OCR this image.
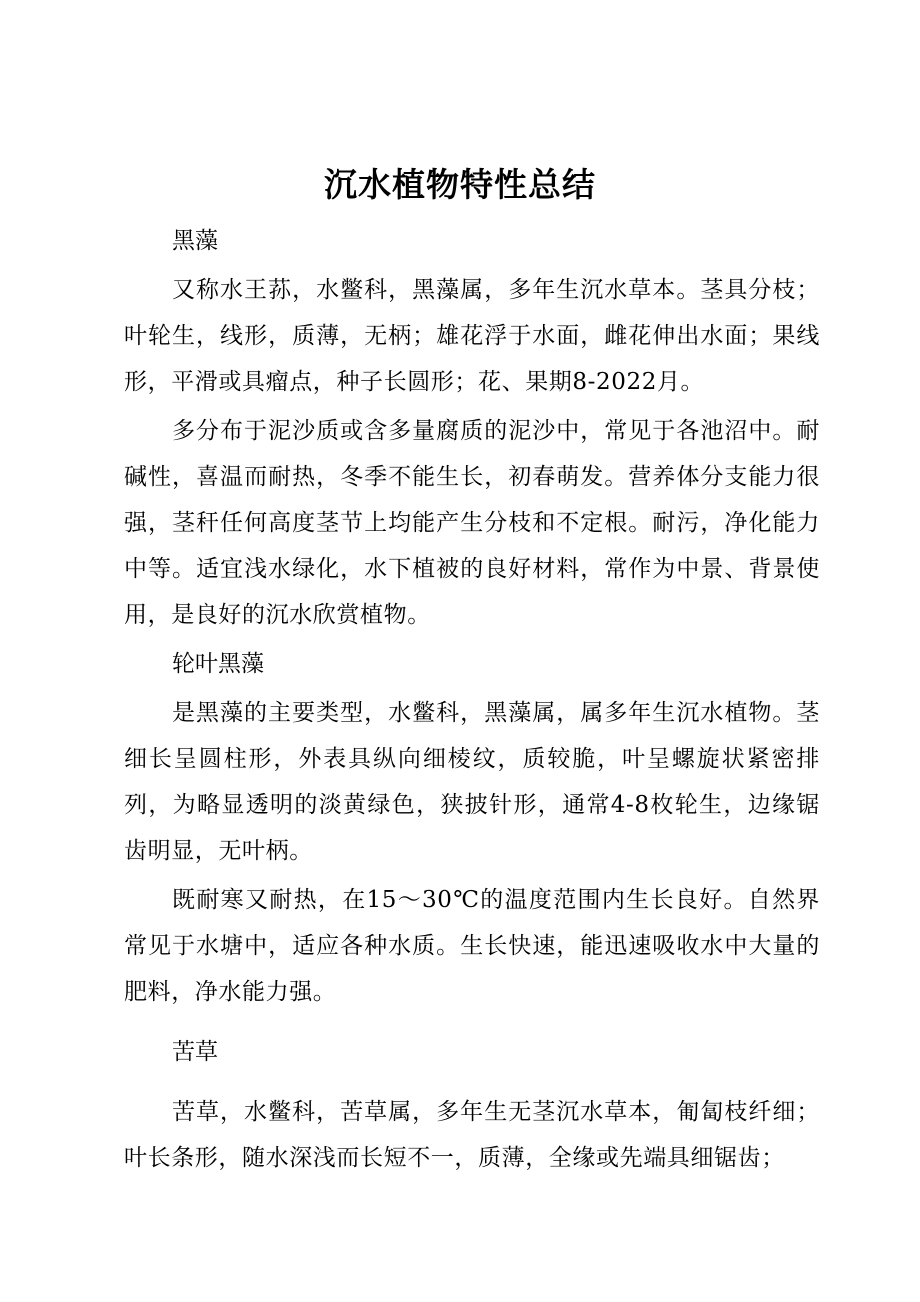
沉水植物特性总结

黑藻

又称水王荪，水鳖科，黑藻属，多年生沉水草本。茎具分枝；叶轮生，线形，质薄，无柄；雄花浮于水面，雌花伸出水面；果线形，平滑或具瘤点，种子长圆形；花、果期8-2022月。

多分布于泥沙质或含多量腐质的泥沙中，常见于各池沼中。耐碱性，喜温而耐热，冬季不能生长，初春萌发。营养体分支能力很强，茎秆任何高度茎节上均能产生分枝和不定根。耐污，净化能力中等。适宜浅水绿化，水下植被的良好材料，常作为中景、背景使用，是良好的沉水欣赏植物。

轮叶黑藻

是黑藻的主要类型，水鳖科，黑藻属，属多年生沉水植物。茎细长呈圆柱形，外表具纵向细棱纹，质较脆，叶呈螺旋状紧密排列，为略显透明的淡黄绿色，狭披针形，通常4-8枚轮生，边缘锯齿明显，无叶柄。

既耐寒又耐热，在15～30℃的温度范围内生长良好。自然界常见于水塘中，适应各种水质。生长快速，能迅速吸收水中大量的肥料，净水能力强。

苦草

苦草，水鳖科，苦草属，多年生无茎沉水草本，匍匐枝纤细；叶长条形，随水深浅而长短不一，质薄，全缘或先端具细锯齿；
